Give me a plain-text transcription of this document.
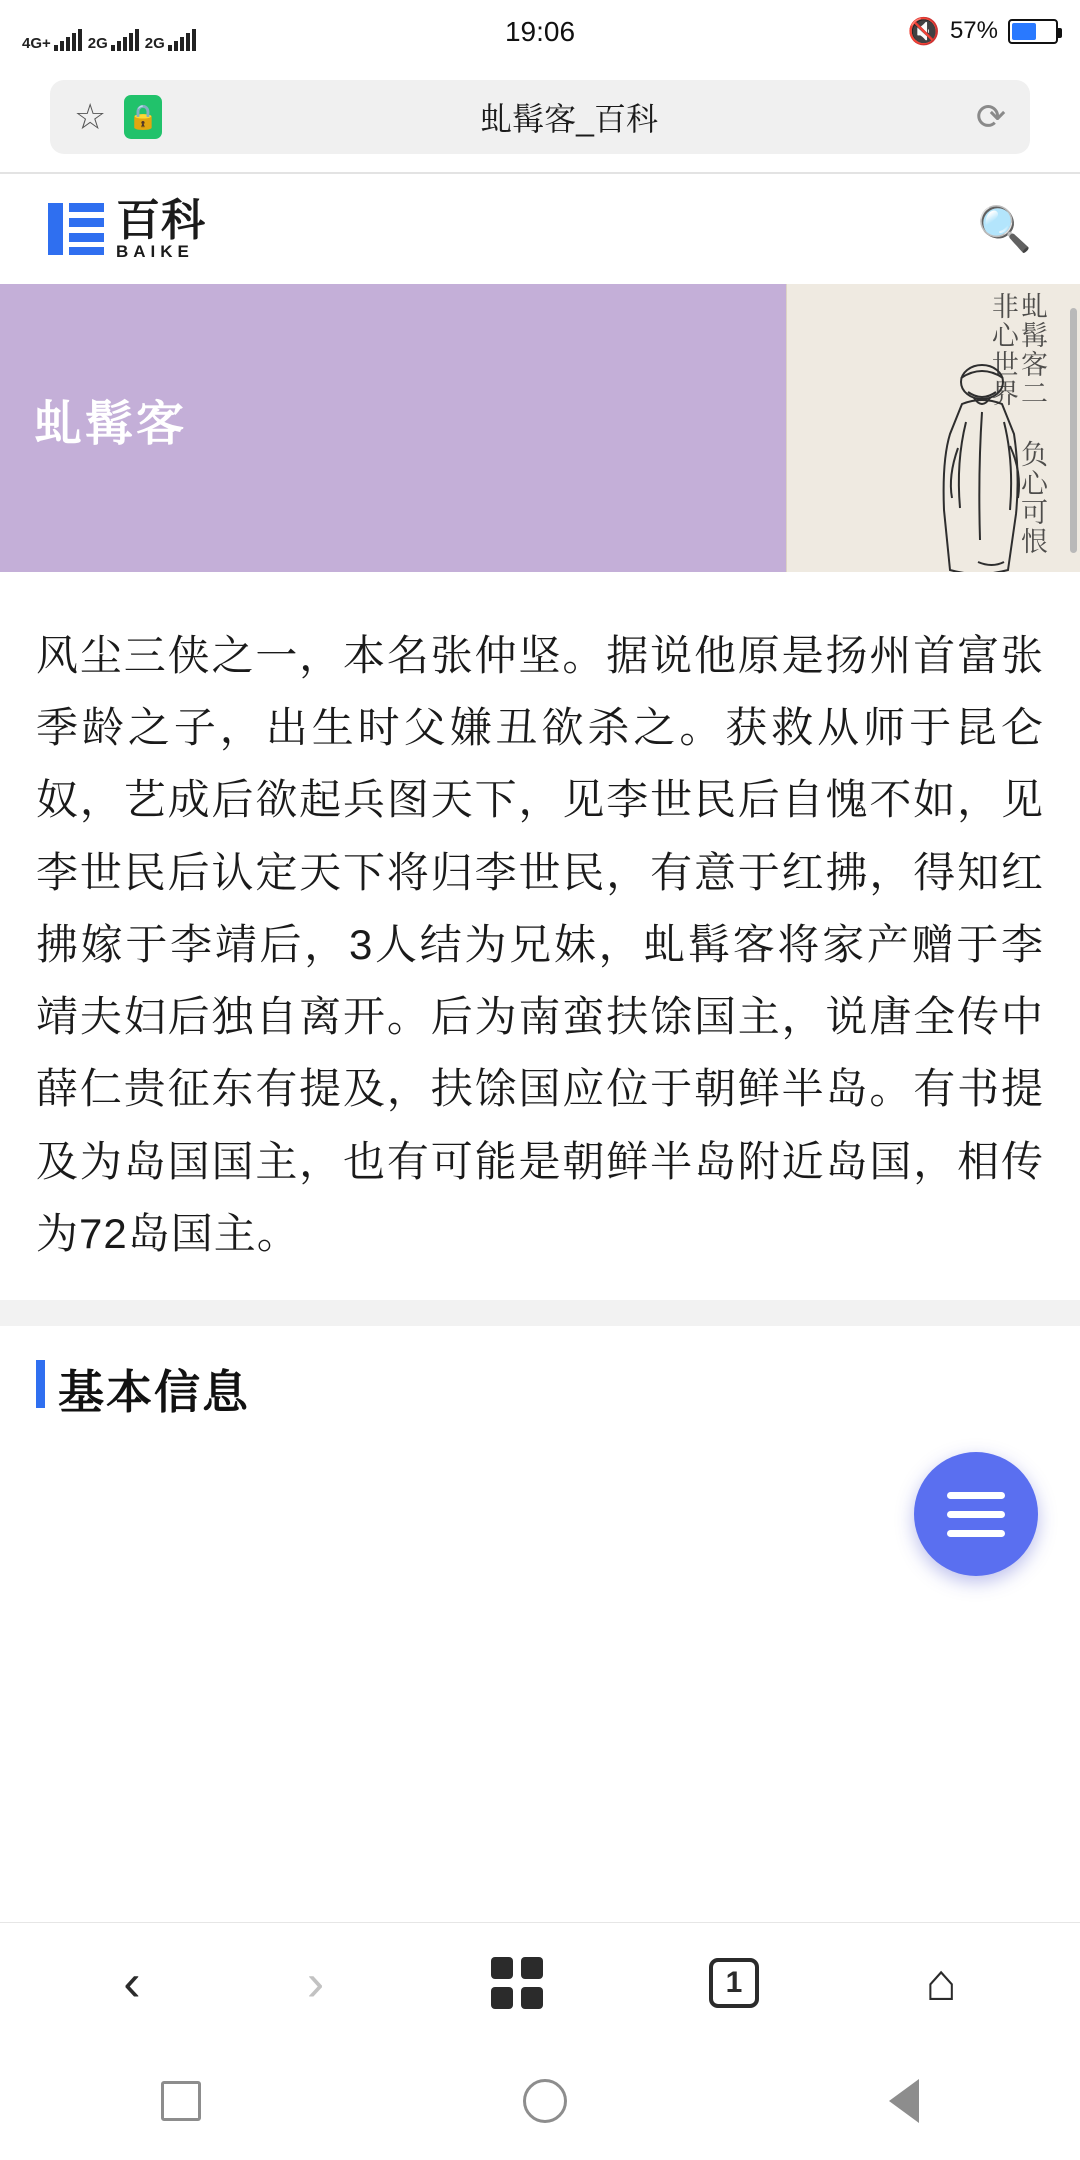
4G+ 2G 2G	19:06	🔇 57%
☆ 🔒	虬髯客_百科	⟳
百科
BAIKE	🔍
虬髯客	虬髯客二 负心可恨非心世界
风尘三侠之一，本名张仲坚。据说他原是扬州首富张季龄之子，出生时父嫌丑欲杀之。获救从师于昆仑奴，艺成后欲起兵图天下，见李世民后自愧不如，见李世民后认定天下将归李世民，有意于红拂，得知红拂嫁于李靖后，3人结为兄妹，虬髯客将家产赠于李靖夫妇后独自离开。后为南蛮扶馀国主，说唐全传中薛仁贵征东有提及，扶馀国应位于朝鲜半岛。有书提及为岛国国主，也有可能是朝鲜半岛附近岛国，相传为72岛国主。
基本信息
‹	›	1	⌂
